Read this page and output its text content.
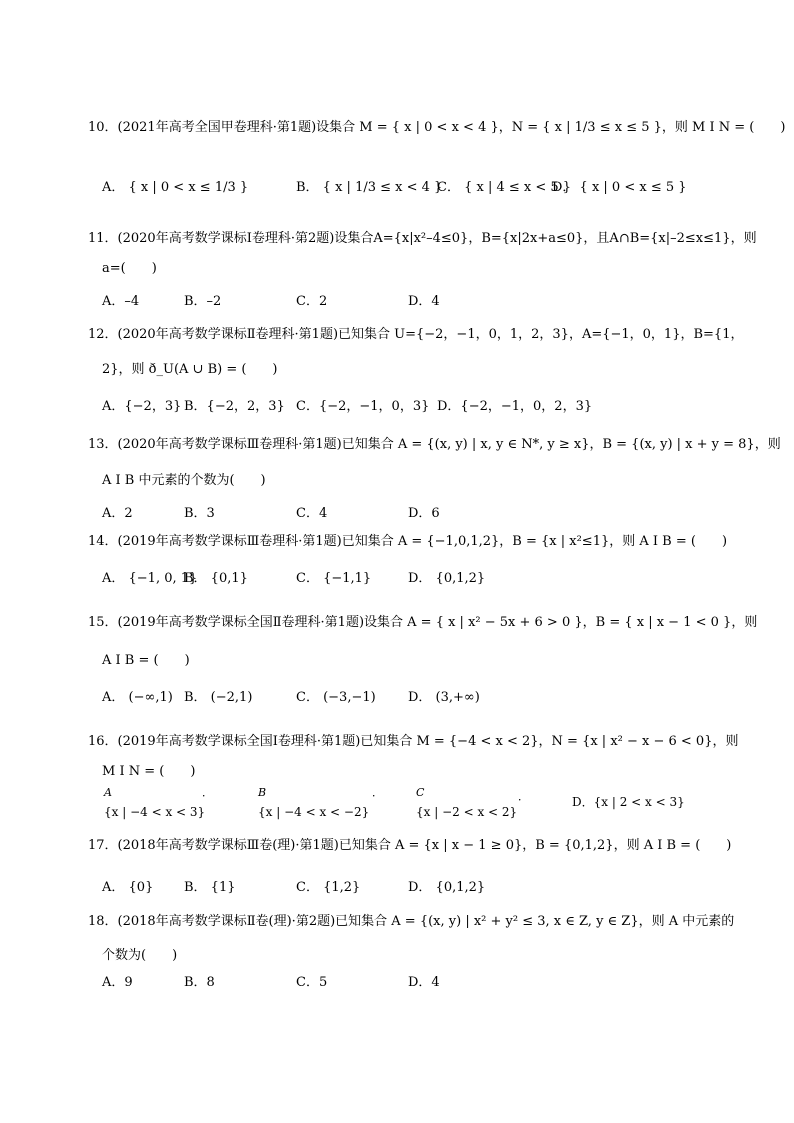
10．(2021年高考全国甲卷理科·第1题)设集合 M = { x | 0 < x < 4 }，N = { x | 1/3 ≤ x ≤ 5 }，则 M I N = (　　)
A． { x | 0 < x ≤ 1/3 }	B． { x | 1/3 ≤ x < 4 }
C． { x | 4 ≤ x < 5 }
D． { x | 0 < x ≤ 5 }
11．(2020年高考数学课标Ⅰ卷理科·第2题)设集合A={x|x²–4≤0}，B={x|2x+a≤0}，且A∩B={x|–2≤x≤1}，则
a=(　　)
A．–4	B．–2	C．2	D．4
12．(2020年高考数学课标Ⅱ卷理科·第1题)已知集合 U={−2，−1，0，1，2，3}，A={−1，0，1}，B={1，
2}，则 ð_U(A ∪ B) = (　　)
A．{−2，3} B．{−2，2，3} C．{−2，−1，0，3} D．{−2，−1，0，2，3}
13．(2020年高考数学课标Ⅲ卷理科·第1题)已知集合 A = {(x, y) | x, y ∈ N*, y ≥ x}，B = {(x, y) | x + y = 8}，则
A I B 中元素的个数为(　　)
A．2	B．3	C．4	D．6
14．(2019年高考数学课标Ⅲ卷理科·第1题)已知集合 A = {−1,0,1,2}，B = {x | x²≤1}，则 A I B = (　　)
A． {−1, 0, 1}
B． {0,1}	C． {−1,1}	D． {0,1,2}
15．(2019年高考数学课标全国Ⅱ卷理科·第1题)设集合 A = { x | x² − 5x + 6 > 0 }，B = { x | x − 1 < 0 }，则
A I B = (　　)
A． (−∞,1) B． (−2,1)	C． (−3,−1) D． (3,+∞)
16．(2019年高考数学课标全国Ⅰ卷理科·第1题)已知集合 M = {−4 < x < 2}，N = {x | x² − x − 6 < 0}，则
M I N = (　　)
A	．
{x | −4 < x < 3}
B	．
{x | −4 < x < −2}
C	．
{x | −2 < x < 2}
D．{x | 2 < x < 3}
17．(2018年高考数学课标Ⅲ卷(理)·第1题)已知集合 A = {x | x − 1 ≥ 0}，B = {0,1,2}，则 A I B = (　　)
A． {0} B． {1}	C． {1,2}	D． {0,1,2}
18．(2018年高考数学课标Ⅱ卷(理)·第2题)已知集合 A = {(x, y) | x² + y² ≤ 3, x ∈ Z, y ∈ Z}，则 A 中元素的
个数为(　　)
A．9	B．8	C．5	D．4
